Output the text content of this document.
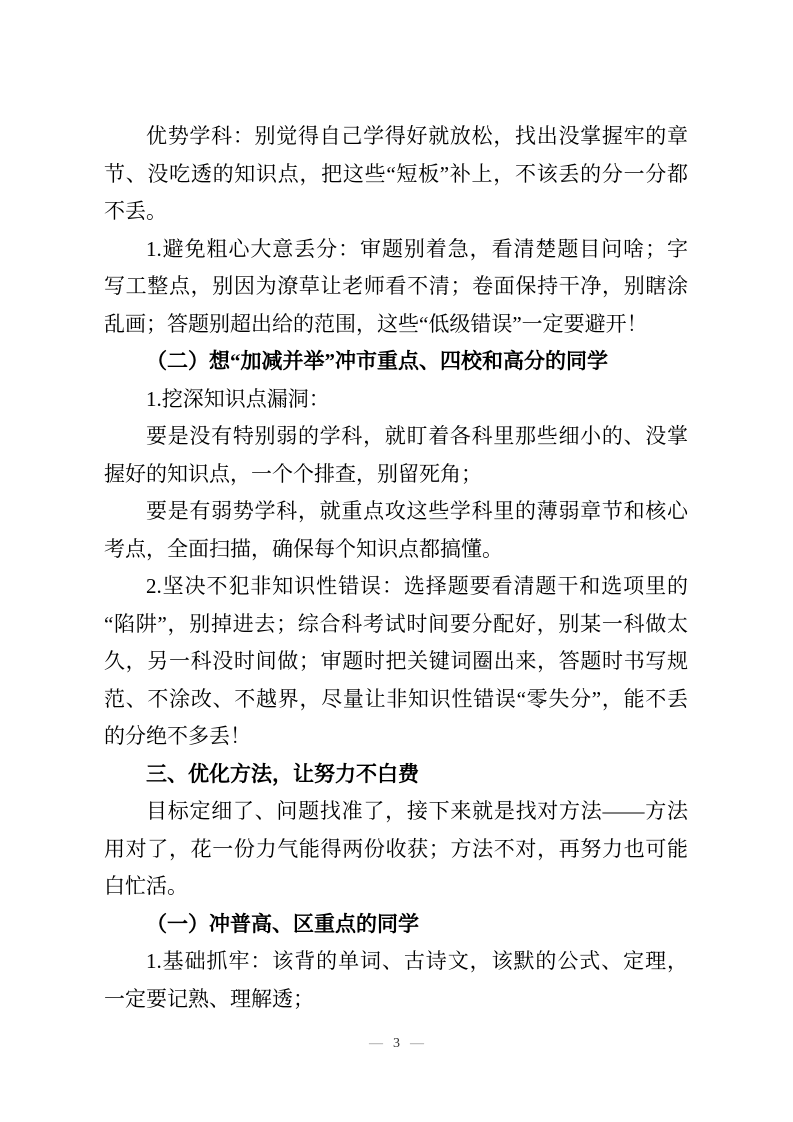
优势学科：别觉得自己学得好就放松，找出没掌握牢的章
节、没吃透的知识点，把这些“短板”补上，不该丢的分一分都
不丢。
1.避免粗心大意丢分：审题别着急，看清楚题目问啥；字
写工整点，别因为潦草让老师看不清；卷面保持干净，别瞎涂
乱画；答题别超出给的范围，这些“低级错误”一定要避开！
（二）想“加减并举”冲市重点、四校和高分的同学
1.挖深知识点漏洞：
要是没有特别弱的学科，就盯着各科里那些细小的、没掌
握好的知识点，一个个排查，别留死角；
要是有弱势学科，就重点攻这些学科里的薄弱章节和核心
考点，全面扫描，确保每个知识点都搞懂。
2.坚决不犯非知识性错误：选择题要看清题干和选项里的
“陷阱”，别掉进去；综合科考试时间要分配好，别某一科做太
久，另一科没时间做；审题时把关键词圈出来，答题时书写规
范、不涂改、不越界，尽量让非知识性错误“零失分”，能不丢
的分绝不多丢！
三、优化方法，让努力不白费
目标定细了、问题找准了，接下来就是找对方法——方法
用对了，花一份力气能得两份收获；方法不对，再努力也可能
白忙活。
（一）冲普高、区重点的同学
1.基础抓牢：该背的单词、古诗文，该默的公式、定理，
一定要记熟、理解透；
— 3 —
